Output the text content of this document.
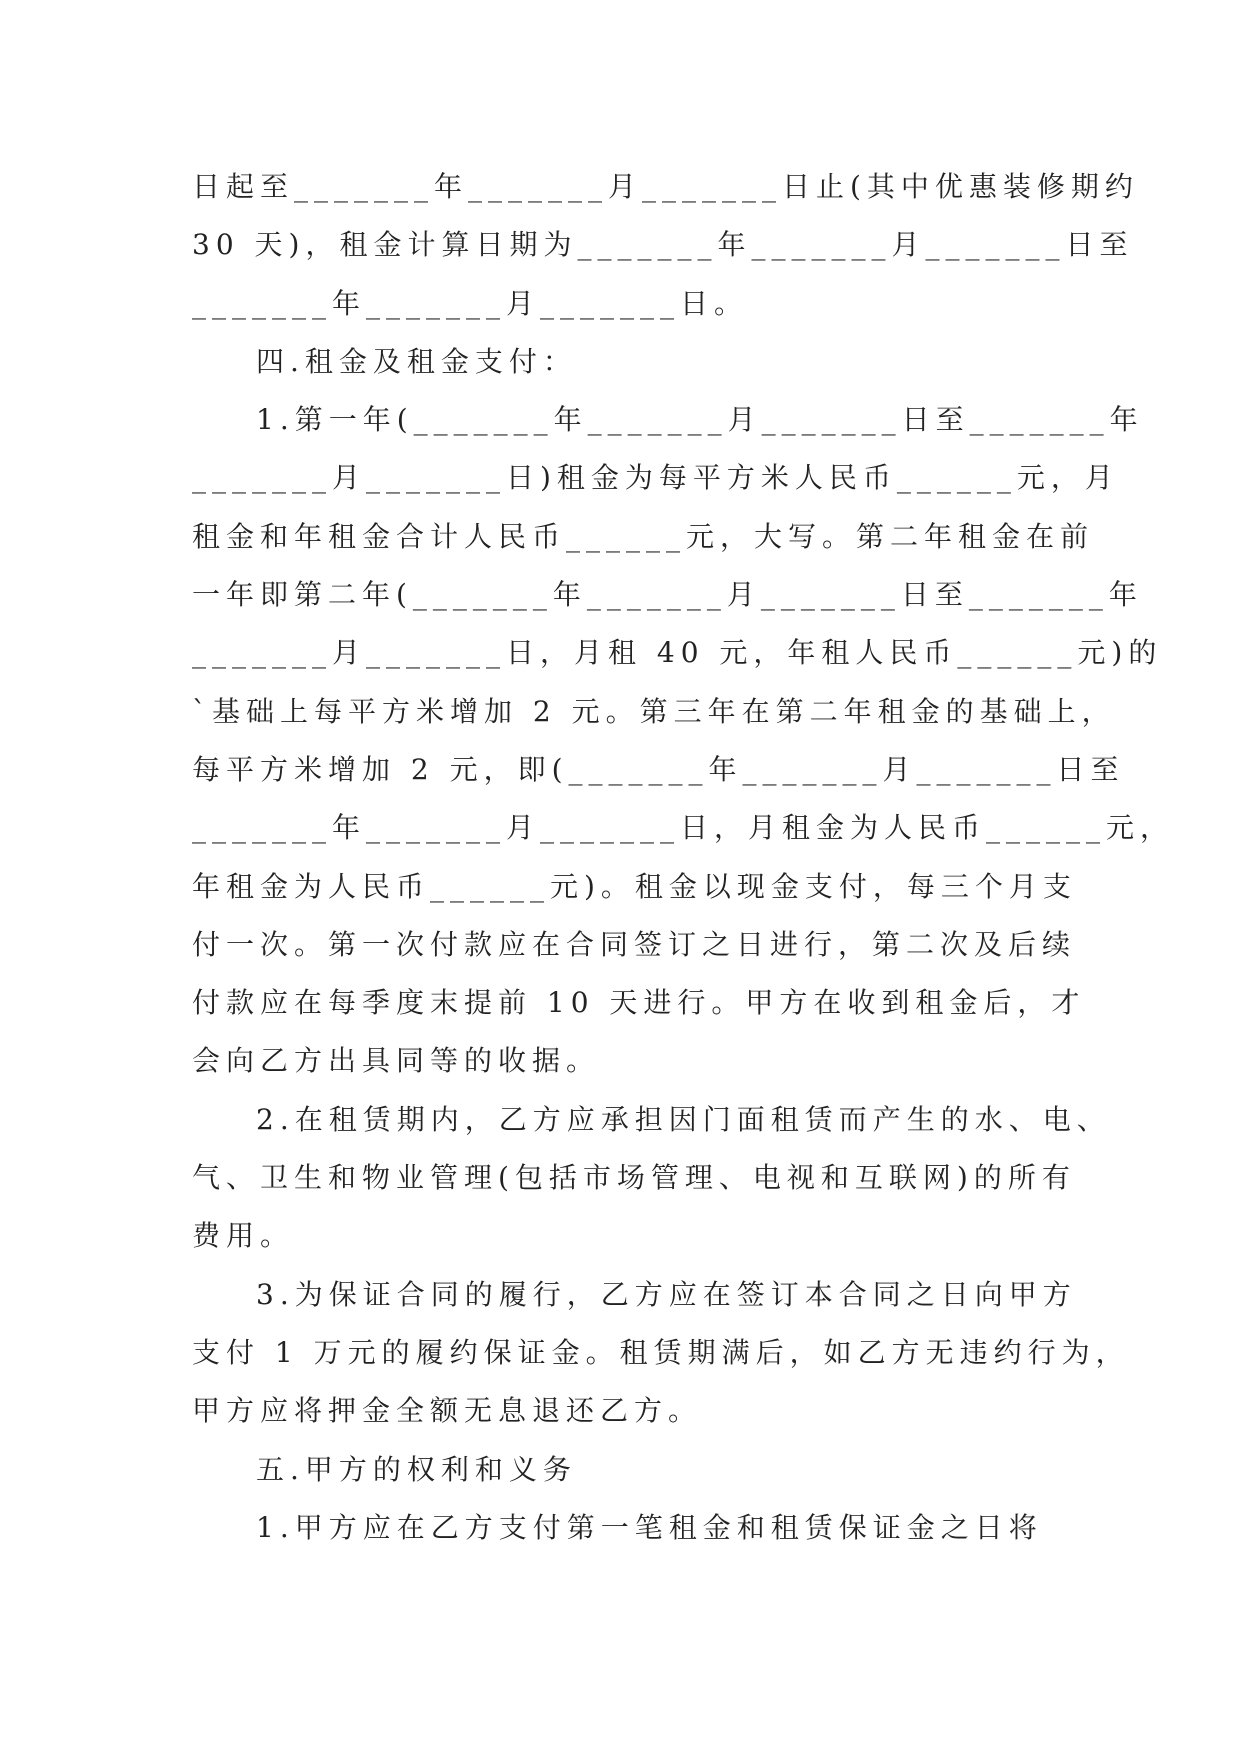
日起至_______年_______月_______日止(其中优惠装修期约
30 天)，租金计算日期为_______年_______月_______日至
_______年_______月_______日。
四.租金及租金支付：
1.第一年(_______年_______月_______日至_______年
_______月_______日)租金为每平方米人民币______元，月
租金和年租金合计人民币______元，大写。第二年租金在前
一年即第二年(_______年_______月_______日至_______年
_______月_______日，月租 40 元，年租人民币______元)的
`基础上每平方米增加 2 元。第三年在第二年租金的基础上，
每平方米增加 2 元，即(_______年_______月_______日至
_______年_______月_______日，月租金为人民币______元，
年租金为人民币______元)。租金以现金支付，每三个月支
付一次。第一次付款应在合同签订之日进行，第二次及后续
付款应在每季度末提前 10 天进行。甲方在收到租金后，才
会向乙方出具同等的收据。
2.在租赁期内，乙方应承担因门面租赁而产生的水、电、
气、卫生和物业管理(包括市场管理、电视和互联网)的所有
费用。
3.为保证合同的履行，乙方应在签订本合同之日向甲方
支付 1 万元的履约保证金。租赁期满后，如乙方无违约行为，
甲方应将押金全额无息退还乙方。
五.甲方的权利和义务
1.甲方应在乙方支付第一笔租金和租赁保证金之日将
